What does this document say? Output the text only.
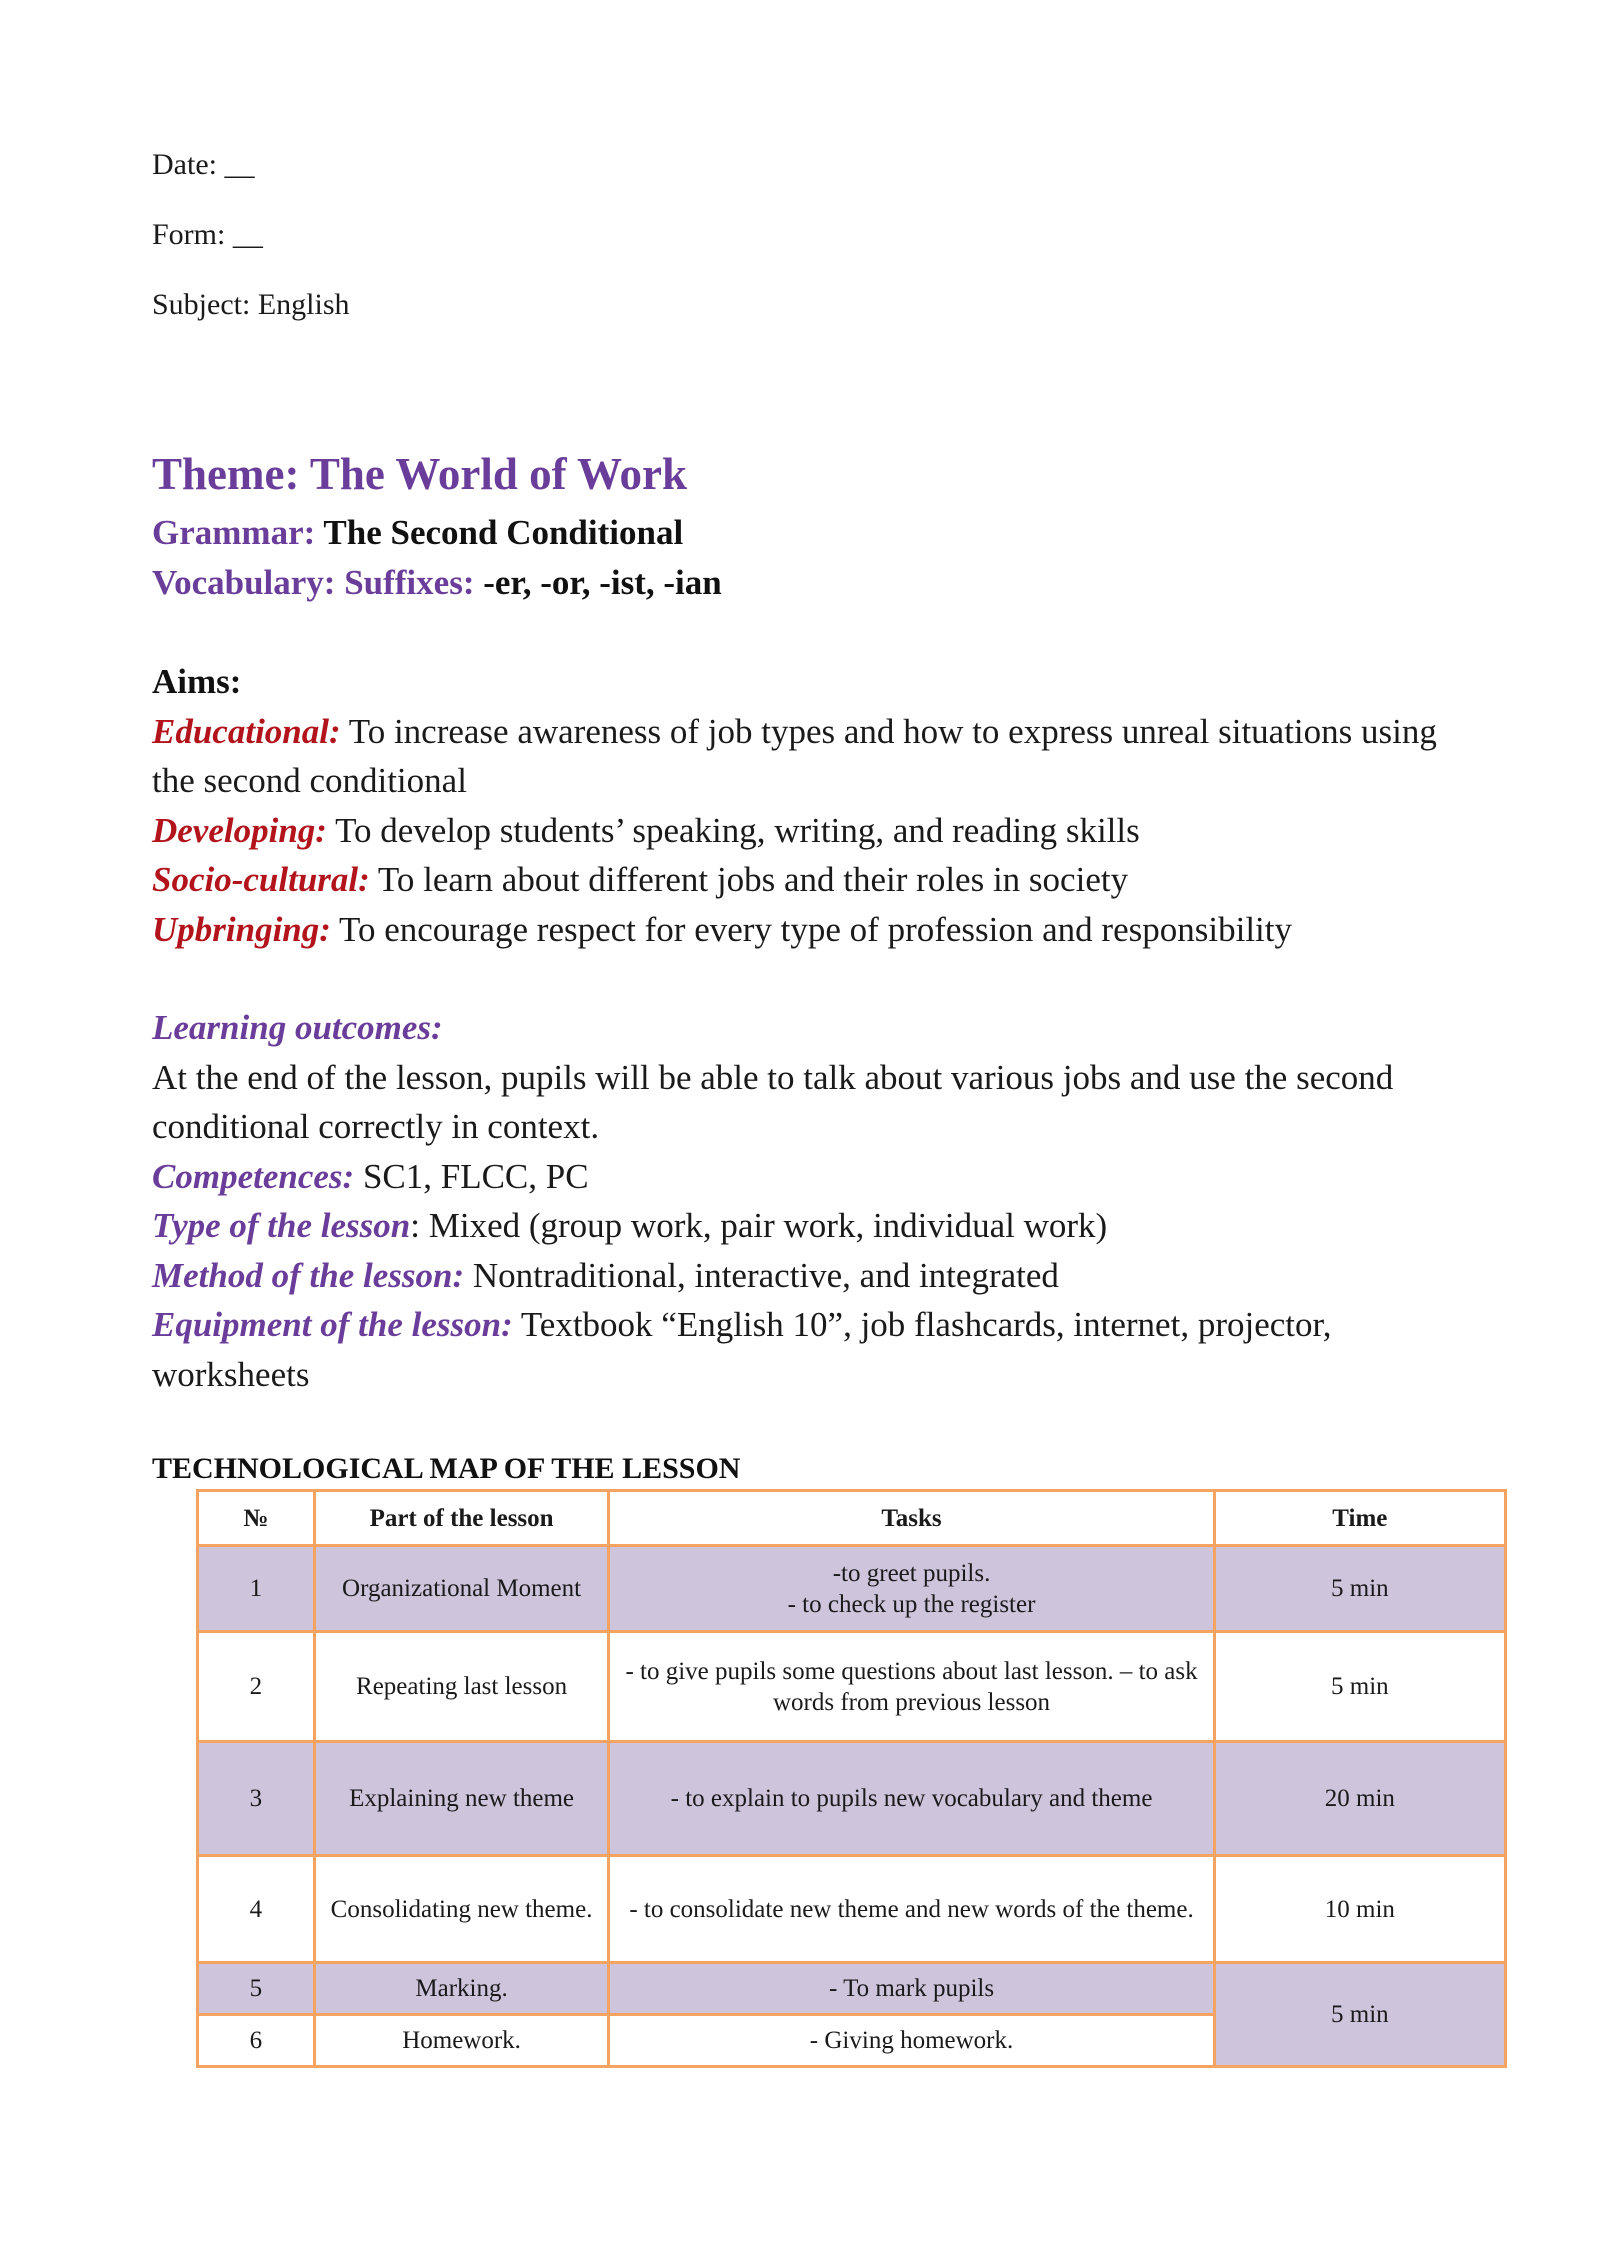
Date: __
Form: __
Subject: English
Theme: The World of Work
Grammar: The Second Conditional
Vocabulary: Suffixes: -er, -or, -ist, -ian

Aims:

Educational: To increase awareness of job types and how to express unreal situations using the second conditional

Developing: To develop students’ speaking, writing, and reading skills

Socio-cultural: To learn about different jobs and their roles in society

Upbringing: To encourage respect for every type of profession and responsibility

Learning outcomes:

At the end of the lesson, pupils will be able to talk about various jobs and use the second conditional correctly in context.

Competences: SC1, FLCC, PC

Type of the lesson: Mixed (group work, pair work, individual work)

Method of the lesson: Nontraditional, interactive, and integrated

Equipment of the lesson: Textbook “English 10”, job flashcards, internet, projector, worksheets

TECHNOLOGICAL MAP OF THE LESSON
№	Part of the lesson	Tasks	Time
1	Organizational Moment	-to greet pupils.
- to check up the register	5 min
2	Repeating last lesson	- to give pupils some questions about last lesson. – to ask words from previous lesson	5 min
3	Explaining new theme	- to explain to pupils new vocabulary and theme	20 min
4	Consolidating new theme.	- to consolidate new theme and new words of the theme.	10 min
5	Marking.	- To mark pupils	5 min
6	Homework.	- Giving homework.	
